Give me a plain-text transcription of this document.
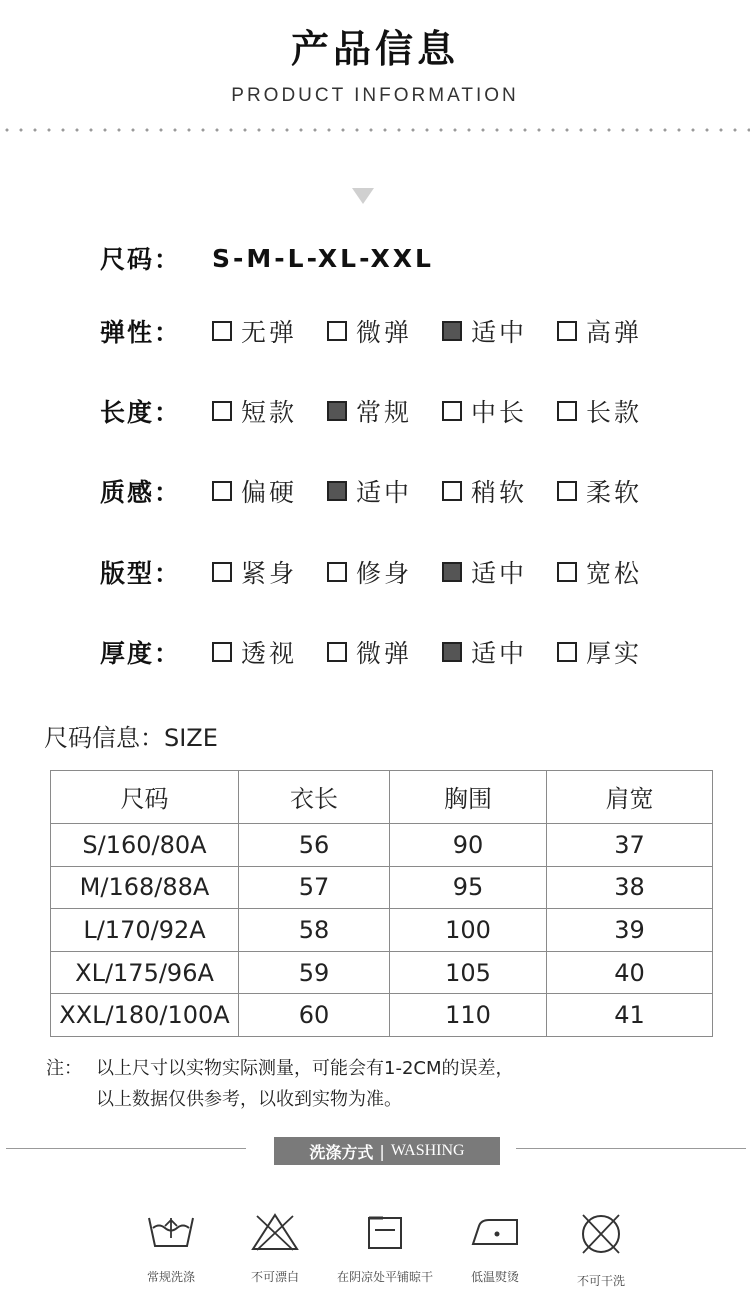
产品信息
PRODUCT INFORMATION
尺码：	S-M-L-XL-XXL
弹性：	无弹 微弹 适中 高弹
长度：	短款 常规 中长 长款
质感：	偏硬 适中 稍软 柔软
版型：	紧身 修身 适中 宽松
厚度：	透视 微弹 适中 厚实
尺码信息：SIZE
尺码	衣长	胸围	肩宽
S/160/80A	56	90	37
M/168/88A	57	95	38
L/170/92A	58	100	39
XL/175/96A	59	105	40
XXL/180/100A	60	110	41
注： 以上尺寸以实物实际测量，可能会有1-2CM的误差，
以上数据仅供参考，以收到实物为准。
洗涤方式 | WASHING
常规洗涤	不可漂白	在阴凉处平铺晾干	低温熨烫	不可干洗
